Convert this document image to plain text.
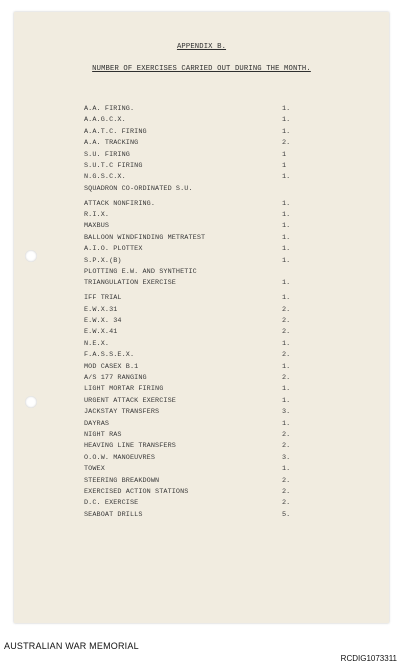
APPENDIX B.
NUMBER OF EXERCISES CARRIED OUT DURING THE MONTH.
A.A. FIRING.	1.
A.A.G.C.X.	1.
A.A.T.C. FIRING	1.
A.A. TRACKING	2.
S.U. FIRING	1
S.U.T.C FIRING	1
N.G.S.C.X.	1.
SQUADRON CO-ORDINATED S.U.
ATTACK NONFIRING.	1.
R.I.X.	1.
MAXBUS	1.
BALLOON WINDFINDING METRATEST	1.
A.I.O. PLOTTEX	1.
S.P.X.(B)	1.
PLOTTING E.W. AND SYNTHETIC
TRIANGULATION EXERCISE	1.
IFF TRIAL	1.
E.W.X.31	2.
E.W.X. 34	2.
E.W.X.41	2.
N.E.X.	1.
F.A.S.S.E.X.	2.
MOD CASEX B.1	1.
A/S 177 RANGING	2.
LIGHT MORTAR FIRING	1.
URGENT ATTACK EXERCISE	1.
JACKSTAY TRANSFERS	3.
DAYRAS	1.
NIGHT RAS	2.
HEAVING LINE TRANSFERS	2.
O.O.W. MANOEUVRES	3.
TOWEX	1.
STEERING BREAKDOWN	2.
EXERCISED ACTION STATIONS	2.
D.C. EXERCISE	2.
SEABOAT DRILLS	5.
AUSTRALIAN WAR MEMORIAL
RCDIG1073311
